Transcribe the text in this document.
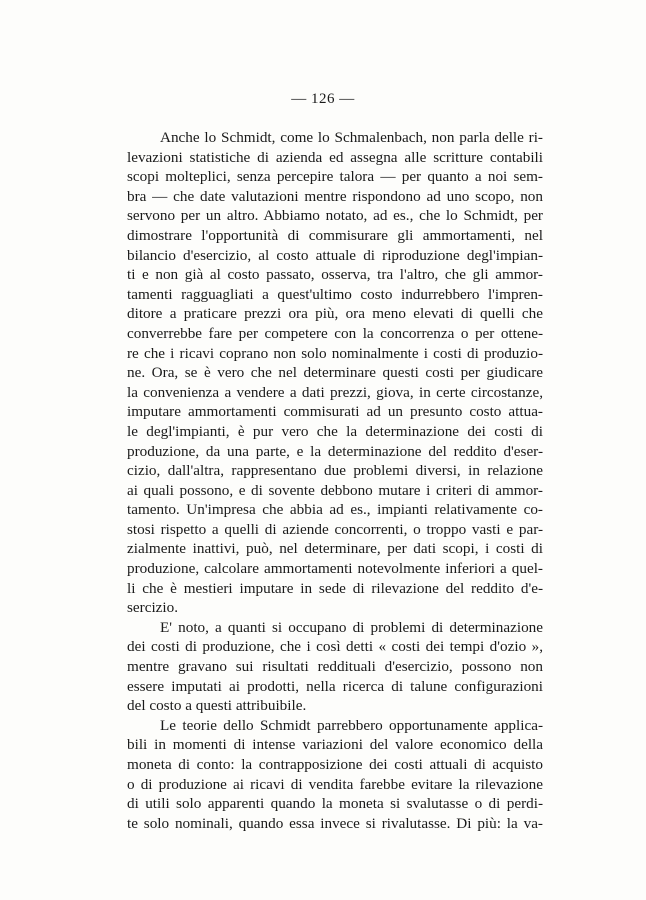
— 126 —
Anche lo Schmidt, come lo Schmalenbach, non parla delle ri-
levazioni statistiche di azienda ed assegna alle scritture contabili
scopi molteplici, senza percepire talora — per quanto a noi sem-
bra — che date valutazioni mentre rispondono ad uno scopo, non
servono per un altro. Abbiamo notato, ad es., che lo Schmidt, per
dimostrare l'opportunità di commisurare gli ammortamenti, nel
bilancio d'esercizio, al costo attuale di riproduzione degl'impian-
ti e non già al costo passato, osserva, tra l'altro, che gli ammor-
tamenti ragguagliati a quest'ultimo costo indurrebbero l'impren-
ditore a praticare prezzi ora più, ora meno elevati di quelli che
converrebbe fare per competere con la concorrenza o per ottene-
re che i ricavi coprano non solo nominalmente i costi di produzio-
ne. Ora, se è vero che nel determinare questi costi per giudicare
la convenienza a vendere a dati prezzi, giova, in certe circostanze,
imputare ammortamenti commisurati ad un presunto costo attua-
le degl'impianti, è pur vero che la determinazione dei costi di
produzione, da una parte, e la determinazione del reddito d'eser-
cizio, dall'altra, rappresentano due problemi diversi, in relazione
ai quali possono, e di sovente debbono mutare i criteri di ammor-
tamento. Un'impresa che abbia ad es., impianti relativamente co-
stosi rispetto a quelli di aziende concorrenti, o troppo vasti e par-
zialmente inattivi, può, nel determinare, per dati scopi, i costi di
produzione, calcolare ammortamenti notevolmente inferiori a quel-
li che è mestieri imputare in sede di rilevazione del reddito d'e-
sercizio.
E' noto, a quanti si occupano di problemi di determinazione
dei costi di produzione, che i così detti « costi dei tempi d'ozio »,
mentre gravano sui risultati reddituali d'esercizio, possono non
essere imputati ai prodotti, nella ricerca di talune configurazioni
del costo a questi attribuibile.
Le teorie dello Schmidt parrebbero opportunamente applica-
bili in momenti di intense variazioni del valore economico della
moneta di conto: la contrapposizione dei costi attuali di acquisto
o di produzione ai ricavi di vendita farebbe evitare la rilevazione
di utili solo apparenti quando la moneta si svalutasse o di perdi-
te solo nominali, quando essa invece si rivalutasse. Di più: la va-
